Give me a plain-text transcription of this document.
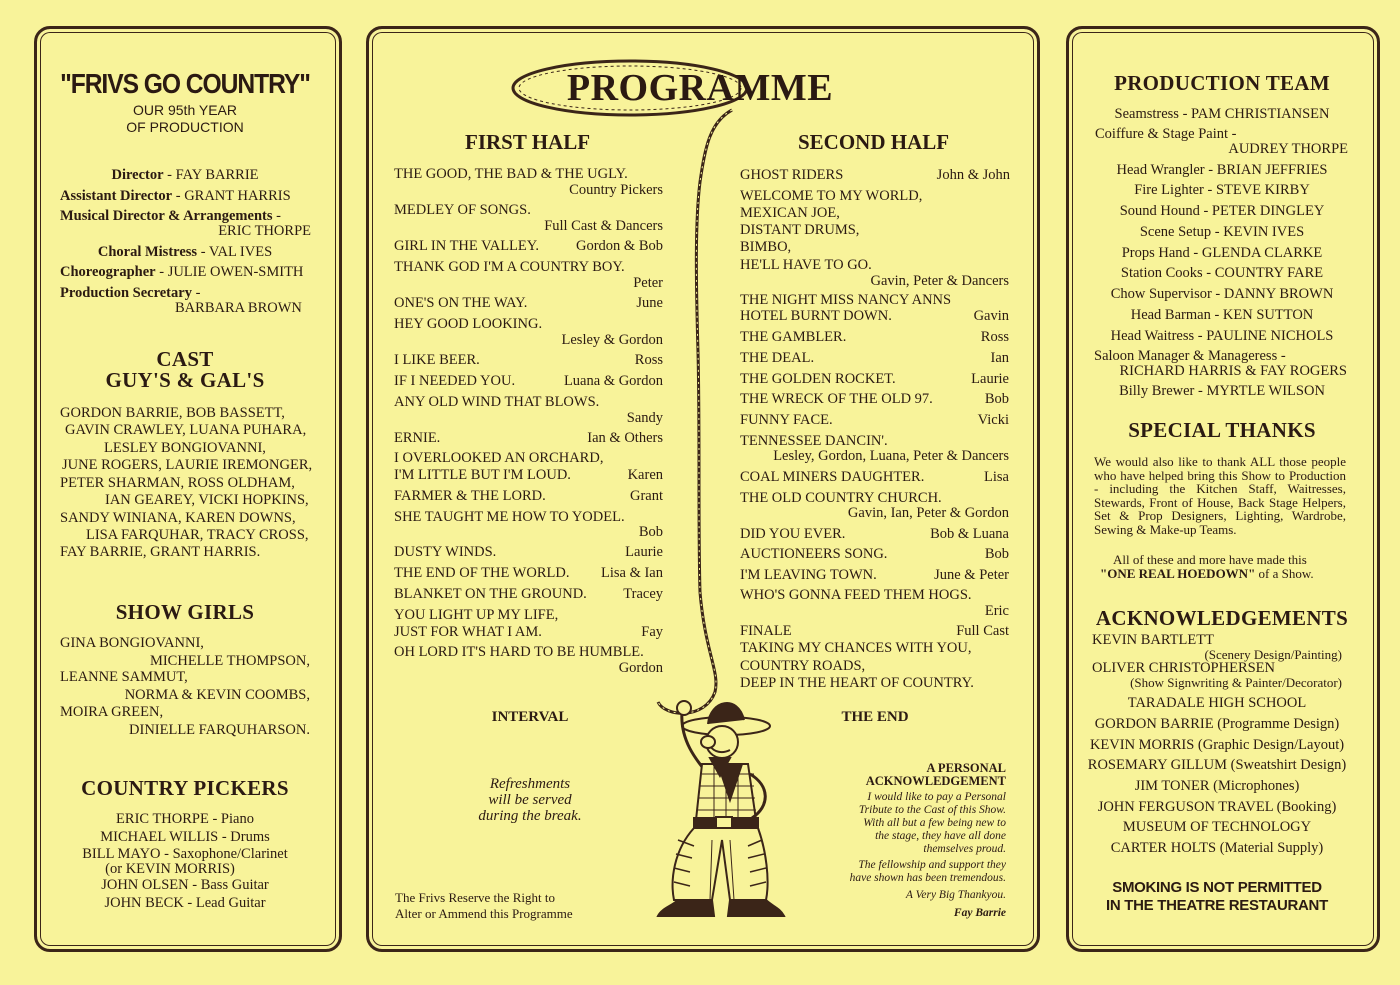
"FRIVS GO COUNTRY"
OUR 95th YEAR
OF PRODUCTION
Director - FAY BARRIE
Assistant Director - GRANT HARRIS
Musical Director & Arrangements -
ERIC THORPE
Choral Mistress - VAL IVES
Choreographer - JULIE OWEN-SMITH
Production Secretary -
BARBARA BROWN
CAST
GUY'S & GAL'S
GORDON BARRIE, BOB BASSETT,
GAVIN CRAWLEY, LUANA PUHARA,
LESLEY BONGIOVANNI,
JUNE ROGERS, LAURIE IREMONGER,
PETER SHARMAN, ROSS OLDHAM,
IAN GEAREY, VICKI HOPKINS,
SANDY WINIANA, KAREN DOWNS,
LISA FARQUHAR, TRACY CROSS,
FAY BARRIE, GRANT HARRIS.
SHOW GIRLS
GINA BONGIOVANNI,
MICHELLE THOMPSON,
LEANNE SAMMUT,
NORMA & KEVIN COOMBS,
MOIRA GREEN,
DINIELLE FARQUHARSON.
COUNTRY PICKERS
ERIC THORPE - Piano
MICHAEL WILLIS - Drums
BILL MAYO - Saxophone/Clarinet
(or KEVIN MORRIS)
JOHN OLSEN - Bass Guitar
JOHN BECK - Lead Guitar
PROGRAMME
FIRST HALF	SECOND HALF
THE GOOD, THE BAD & THE UGLY.
Country Pickers
MEDLEY OF SONGS.
Full Cast & Dancers
GIRL IN THE VALLEY.	Gordon & Bob
THANK GOD I'M A COUNTRY BOY.
Peter
ONE'S ON THE WAY.	June
HEY GOOD LOOKING.
Lesley & Gordon
I LIKE BEER.	Ross
IF I NEEDED YOU.	Luana & Gordon
ANY OLD WIND THAT BLOWS.
Sandy
ERNIE.	Ian & Others
I OVERLOOKED AN ORCHARD,
I'M LITTLE BUT I'M LOUD.	Karen
FARMER & THE LORD.	Grant
SHE TAUGHT ME HOW TO YODEL.
Bob
DUSTY WINDS.	Laurie
THE END OF THE WORLD. Lisa & Ian
BLANKET ON THE GROUND.	Tracey
YOU LIGHT UP MY LIFE,
JUST FOR WHAT I AM.	Fay
OH LORD IT'S HARD TO BE HUMBLE.
Gordon
GHOST RIDERS	John & John
WELCOME TO MY WORLD,
MEXICAN JOE,
DISTANT DRUMS,
BIMBO,
HE'LL HAVE TO GO.
Gavin, Peter & Dancers
THE NIGHT MISS NANCY ANNS
HOTEL BURNT DOWN.	Gavin
THE GAMBLER.	Ross
THE DEAL.	Ian
THE GOLDEN ROCKET.	Laurie
THE WRECK OF THE OLD 97.	Bob
FUNNY FACE.	Vicki
TENNESSEE DANCIN'.
Lesley, Gordon, Luana, Peter & Dancers
COAL MINERS DAUGHTER.	Lisa
THE OLD COUNTRY CHURCH.
Gavin, Ian, Peter & Gordon
DID YOU EVER.	Bob & Luana
AUCTIONEERS SONG.	Bob
I'M LEAVING TOWN.	June & Peter
WHO'S GONNA FEED THEM HOGS.
Eric
FINALE	Full Cast
TAKING MY CHANCES WITH YOU,
COUNTRY ROADS,
DEEP IN THE HEART OF COUNTRY.
INTERVAL
Refreshments
will be served
during the break.
The Frivs Reserve the Right to
Alter or Ammend this Programme
THE END
A PERSONAL
ACKNOWLEDGEMENT
I would like to pay a Personal
Tribute to the Cast of this Show.
With all but a few being new to
the stage, they have all done
themselves proud.
The fellowship and support they
have shown has been tremendous.
A Very Big Thankyou.
Fay Barrie
PRODUCTION TEAM
Seamstress - PAM CHRISTIANSEN
Coiffure & Stage Paint -
AUDREY THORPE
Head Wrangler - BRIAN JEFFRIES
Fire Lighter - STEVE KIRBY
Sound Hound - PETER DINGLEY
Scene Setup - KEVIN IVES
Props Hand - GLENDA CLARKE
Station Cooks - COUNTRY FARE
Chow Supervisor - DANNY BROWN
Head Barman - KEN SUTTON
Head Waitress - PAULINE NICHOLS
Saloon Manager & Manageress -
RICHARD HARRIS & FAY ROGERS
Billy Brewer - MYRTLE WILSON
SPECIAL THANKS
We would also like to thank ALL those people who have helped bring this Show to Production - including the Kitchen Staff, Waitresses, Stewards, Front of House, Back Stage Helpers, Set & Prop Designers, Lighting, Wardrobe, Sewing & Make-up Teams.
All of these and more have made this
"ONE REAL HOEDOWN" of a Show.
ACKNOWLEDGEMENTS
KEVIN BARTLETT
(Scenery Design/Painting)
OLIVER CHRISTOPHERSEN
(Show Signwriting & Painter/Decorator)
TARADALE HIGH SCHOOL
GORDON BARRIE (Programme Design)
KEVIN MORRIS (Graphic Design/Layout)
ROSEMARY GILLUM (Sweatshirt Design)
JIM TONER (Microphones)
JOHN FERGUSON TRAVEL (Booking)
MUSEUM OF TECHNOLOGY
CARTER HOLTS (Material Supply)
SMOKING IS NOT PERMITTED
IN THE THEATRE RESTAURANT
